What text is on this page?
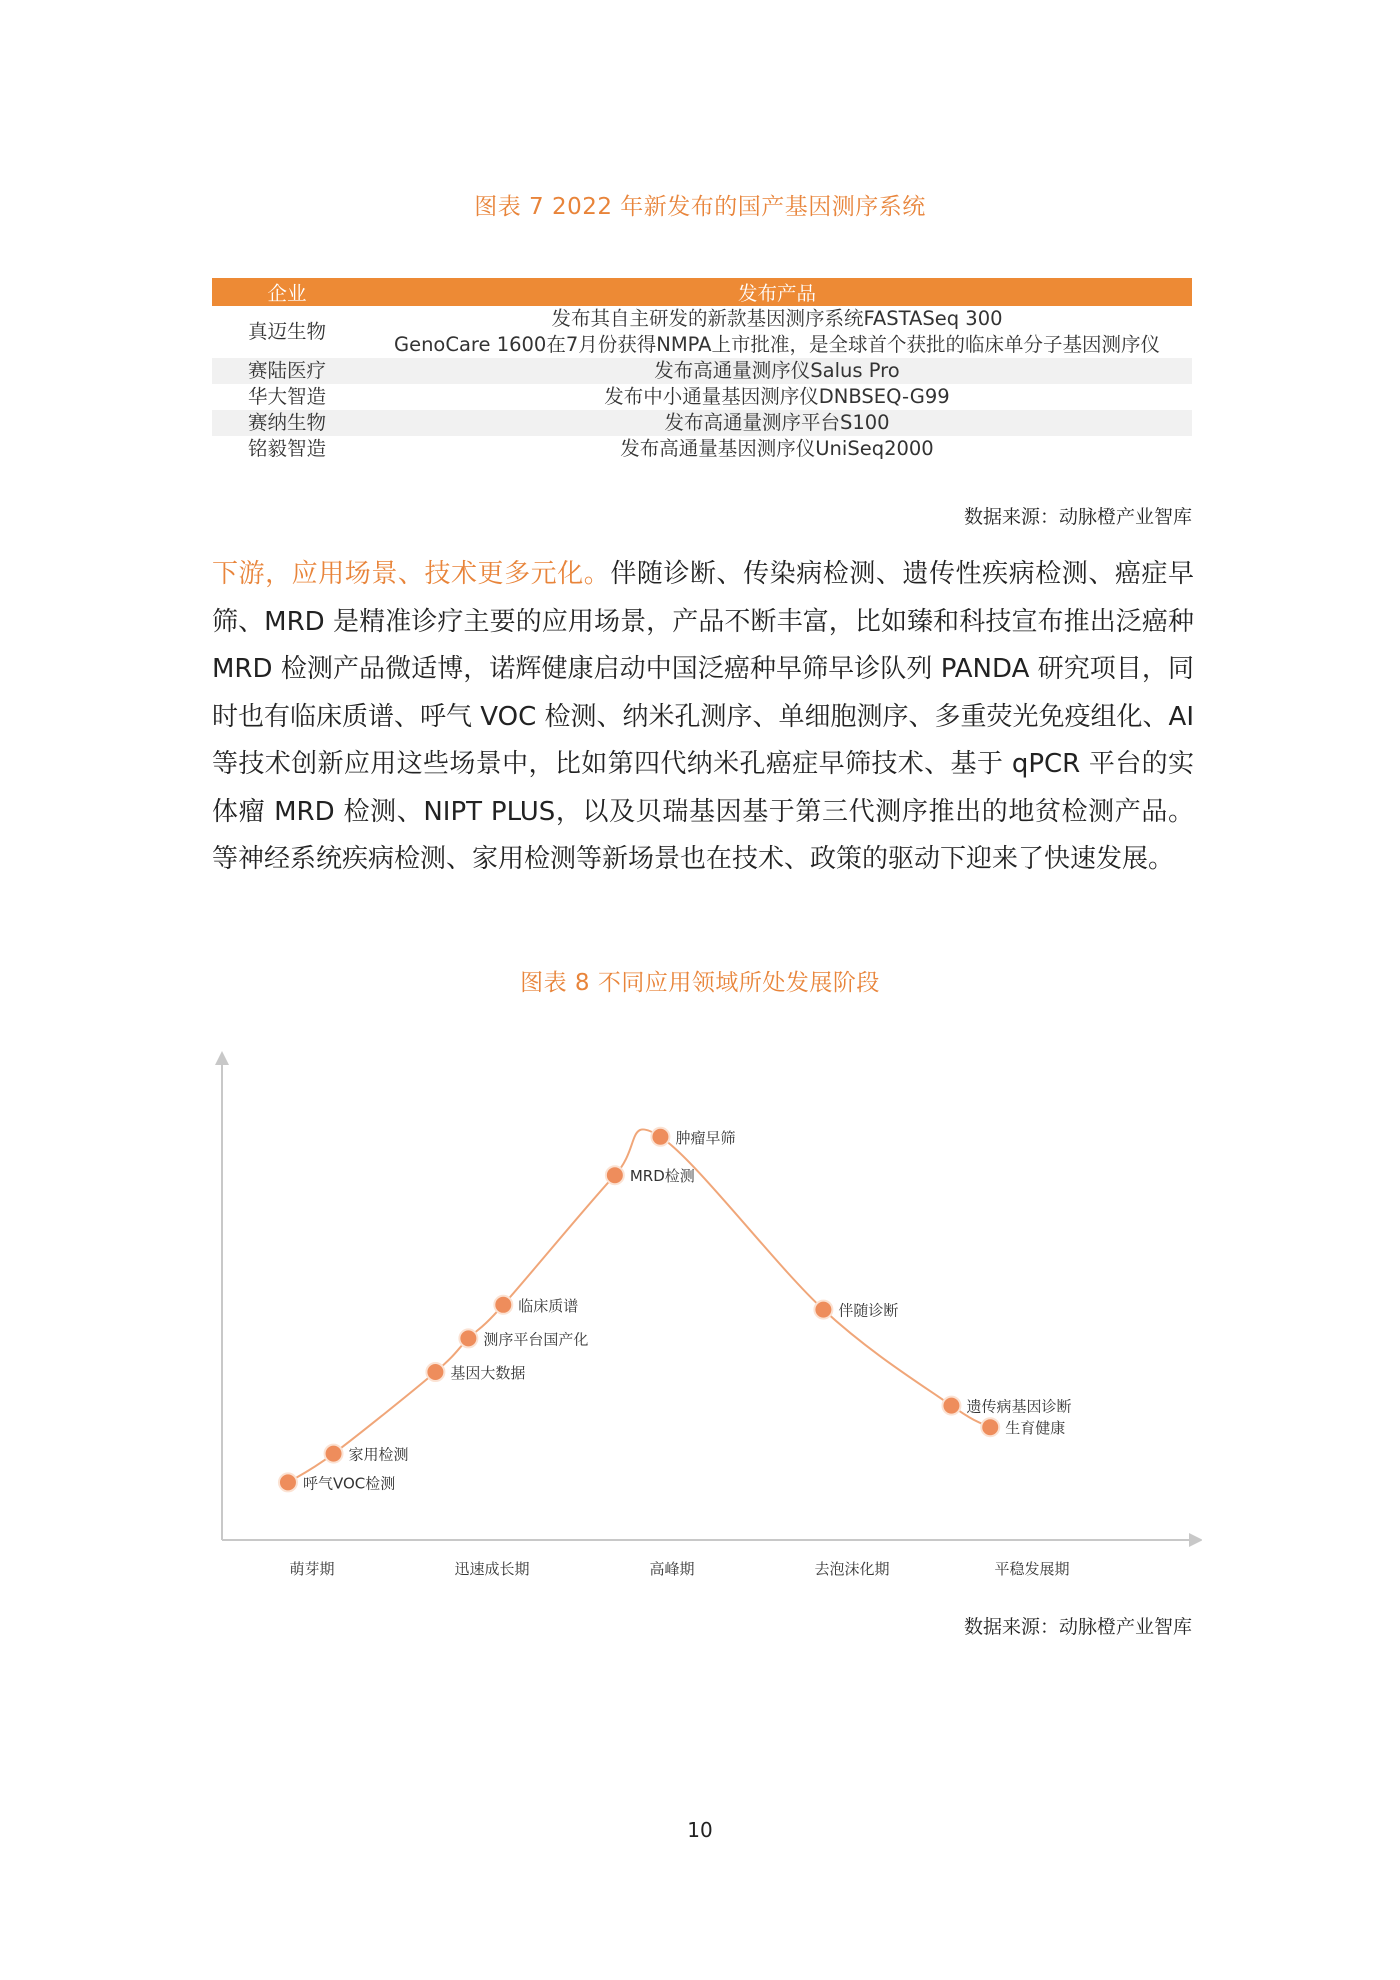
图表 7 2022 年新发布的国产基因测序系统
企业	发布产品
真迈生物	发布其自主研发的新款基因测序系统FASTASeq 300
	GenoCare 1600在7月份获得NMPA上市批准，是全球首个获批的临床单分子基因测序仪
赛陆医疗	发布高通量测序仪Salus Pro
华大智造	发布中小通量基因测序仪DNBSEQ-G99
赛纳生物	发布高通量测序平台S100
铭毅智造	发布高通量基因测序仪UniSeq2000
数据来源：动脉橙产业智库
下游，应用场景、技术更多元化。伴随诊断、传染病检测、遗传性疾病检测、癌症早筛、MRD 是精准诊疗主要的应用场景，产品不断丰富，比如臻和科技宣布推出泛癌种 MRD 检测产品微适博，诺辉健康启动中国泛癌种早筛早诊队列 PANDA 研究项目，同时也有临床质谱、呼气 VOC 检测、纳米孔测序、单细胞测序、多重荧光免疫组化、AI 等技术创新应用这些场景中，比如第四代纳米孔癌症早筛技术、基于 qPCR 平台的实体瘤 MRD 检测、NIPT PLUS，以及贝瑞基因基于第三代测序推出的地贫检测产品。等神经系统疾病检测、家用检测等新场景也在技术、政策的驱动下迎来了快速发展。
图表 8 不同应用领域所处发展阶段
呼气VOC检测
家用检测
基因大数据
测序平台国产化
临床质谱
MRD检测
肿瘤早筛
伴随诊断
遗传病基因诊断
生育健康
萌芽期	迅速成长期	高峰期	去泡沫化期	平稳发展期
数据来源：动脉橙产业智库
10
